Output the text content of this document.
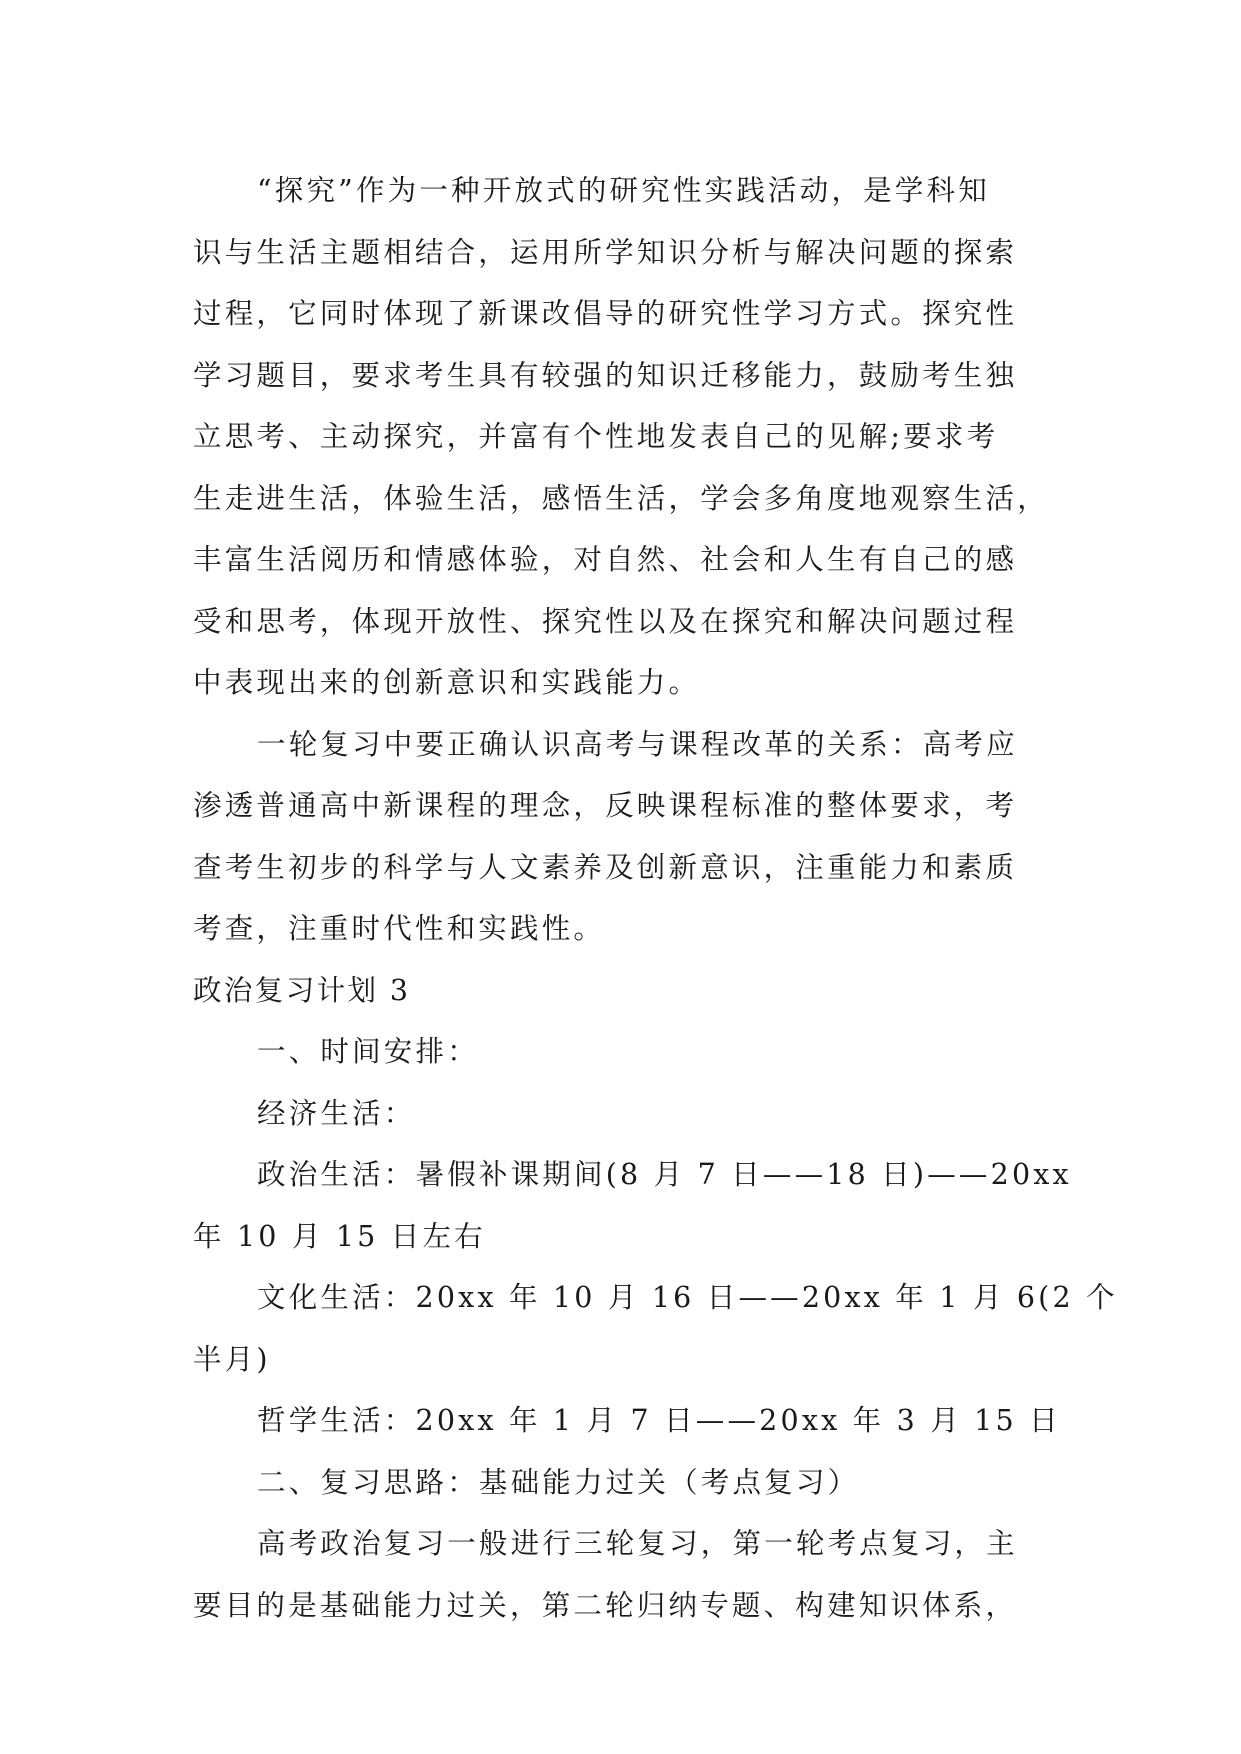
“探究”作为一种开放式的研究性实践活动，是学科知
识与生活主题相结合，运用所学知识分析与解决问题的探索
过程，它同时体现了新课改倡导的研究性学习方式。探究性
学习题目，要求考生具有较强的知识迁移能力，鼓励考生独
立思考、主动探究，并富有个性地发表自己的见解;要求考
生走进生活，体验生活，感悟生活，学会多角度地观察生活，
丰富生活阅历和情感体验，对自然、社会和人生有自己的感
受和思考，体现开放性、探究性以及在探究和解决问题过程
中表现出来的创新意识和实践能力。
一轮复习中要正确认识高考与课程改革的关系：高考应
渗透普通高中新课程的理念，反映课程标准的整体要求，考
查考生初步的科学与人文素养及创新意识，注重能力和素质
考查，注重时代性和实践性。
政治复习计划 3
一、时间安排：
经济生活：
政治生活：暑假补课期间(8 月 7 日——18 日)——20xx
年 10 月 15 日左右
文化生活：20xx 年 10 月 16 日——20xx 年 1 月 6(2 个
半月)
哲学生活：20xx 年 1 月 7 日——20xx 年 3 月 15 日
二、复习思路：基础能力过关（考点复习）
高考政治复习一般进行三轮复习，第一轮考点复习，主
要目的是基础能力过关，第二轮归纳专题、构建知识体系，
